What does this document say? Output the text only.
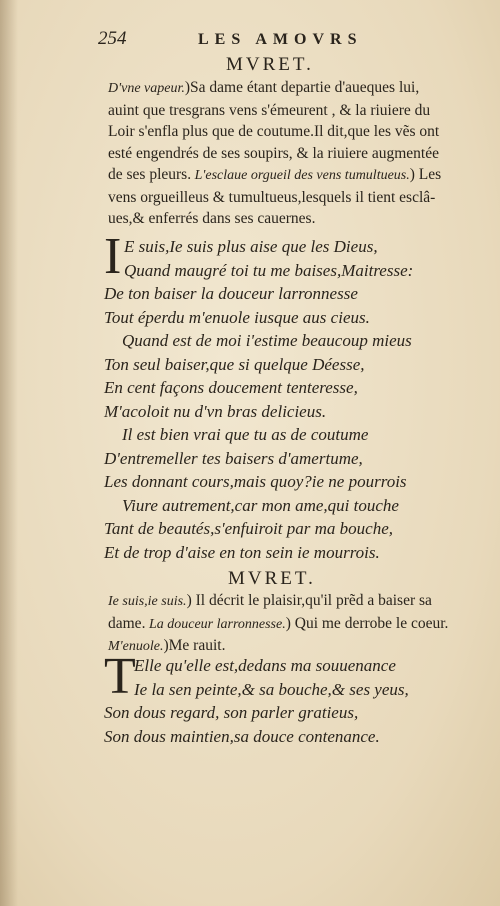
254	LES AMOVRS
MVRET.
D'vne vapeur.)Sa dame étant departie d'aueques lui,
auint que tresgrans vens s'émeurent , & la riuiere du
Loir s'enfla plus que de coutume.Il dit,que les vẽs ont
esté engendrés de ses soupirs, & la riuiere augmentée
de ses pleurs. L'esclaue orgueil des vens tumultueus.) Les
vens orgueilleus & tumultueus,lesquels il tient esclâ-
ues,& enferrés dans ses cauernes.
I E suis,Ie suis plus aise que les Dieus,
Quand maugré toi tu me baises,Maitresse:
De ton baiser la douceur larronnesse
Tout éperdu m'enuole iusque aus cieus.
Quand est de moi i'estime beaucoup mieus
Ton seul baiser,que si quelque Déesse,
En cent façons doucement tenteresse,
M'acoloit nu d'vn bras delicieus.
Il est bien vrai que tu as de coutume
D'entremeller tes baisers d'amertume,
Les donnant cours,mais quoy?ie ne pourrois
Viure autrement,car mon ame,qui touche
Tant de beautés,s'enfuiroit par ma bouche,
Et de trop d'aise en ton sein ie mourrois.
MVRET.
Ie suis,ie suis.) Il décrit le plaisir,qu'il prẽd a baiser sa
dame. La douceur larronnesse.) Qui me derrobe le coeur.
M'enuole.)Me rauit.
T
Elle qu'elle est,dedans ma souuenance
Ie la sen peinte,& sa bouche,& ses yeus,
Son dous regard, son parler gratieus,
Son dous maintien,sa douce contenance.
